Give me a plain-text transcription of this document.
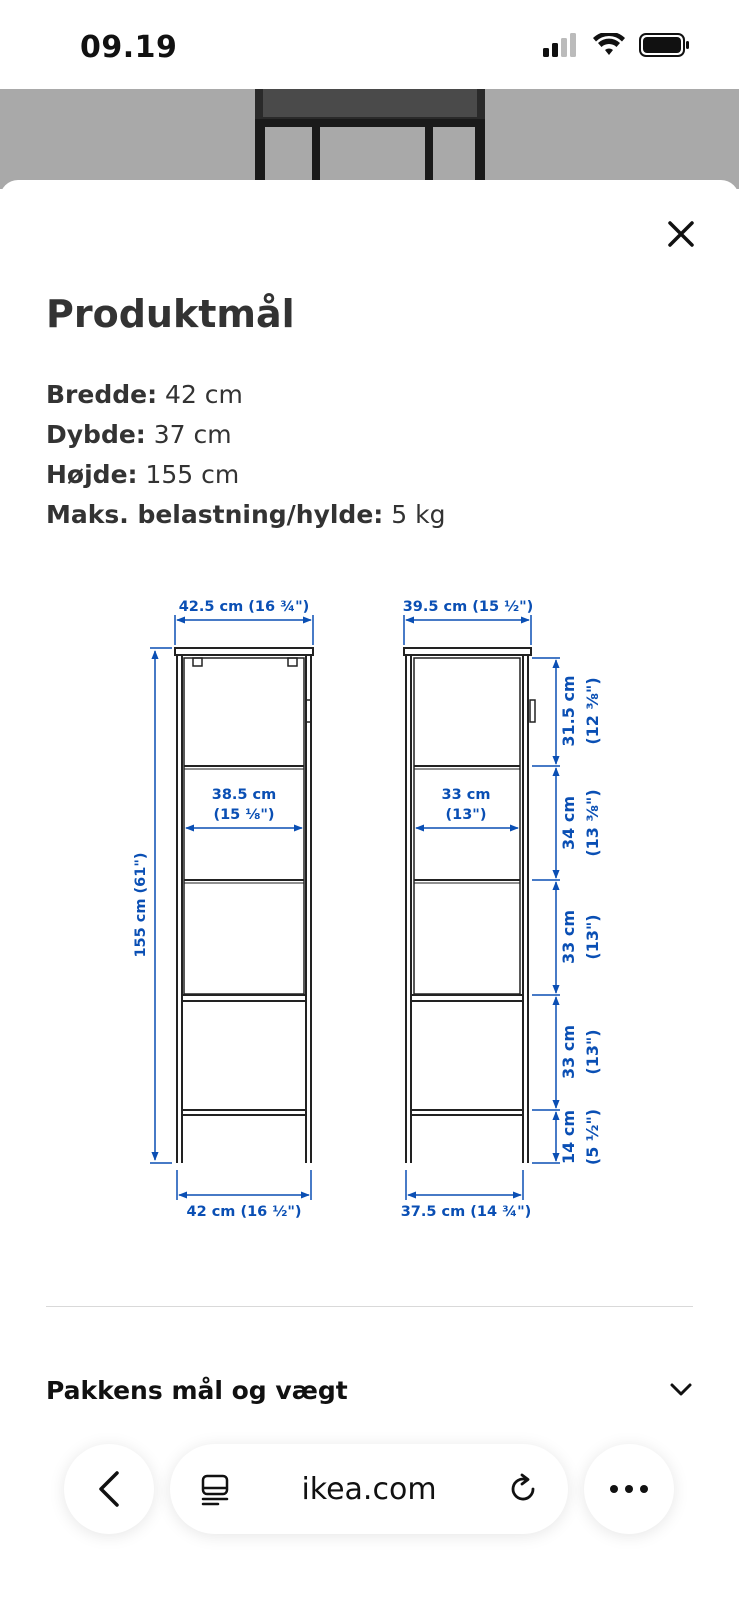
09.19
Produktmål
Bredde: 42 cm
Dybde: 37 cm
Højde: 155 cm
Maks. belastning/hylde: 5 kg
42.5 cm (16 ¾")
38.5 cm
(15 ⅛")
155 cm (61")
42 cm (16 ½")
39.5 cm (15 ½")
33 cm
(13")
37.5 cm (14 ¾")
31.5 cm (12 ⅜")
34 cm (13 ⅜")
33 cm (13")
33 cm (13")
14 cm (5 ½")
Pakkens mål og vægt
ikea.com
